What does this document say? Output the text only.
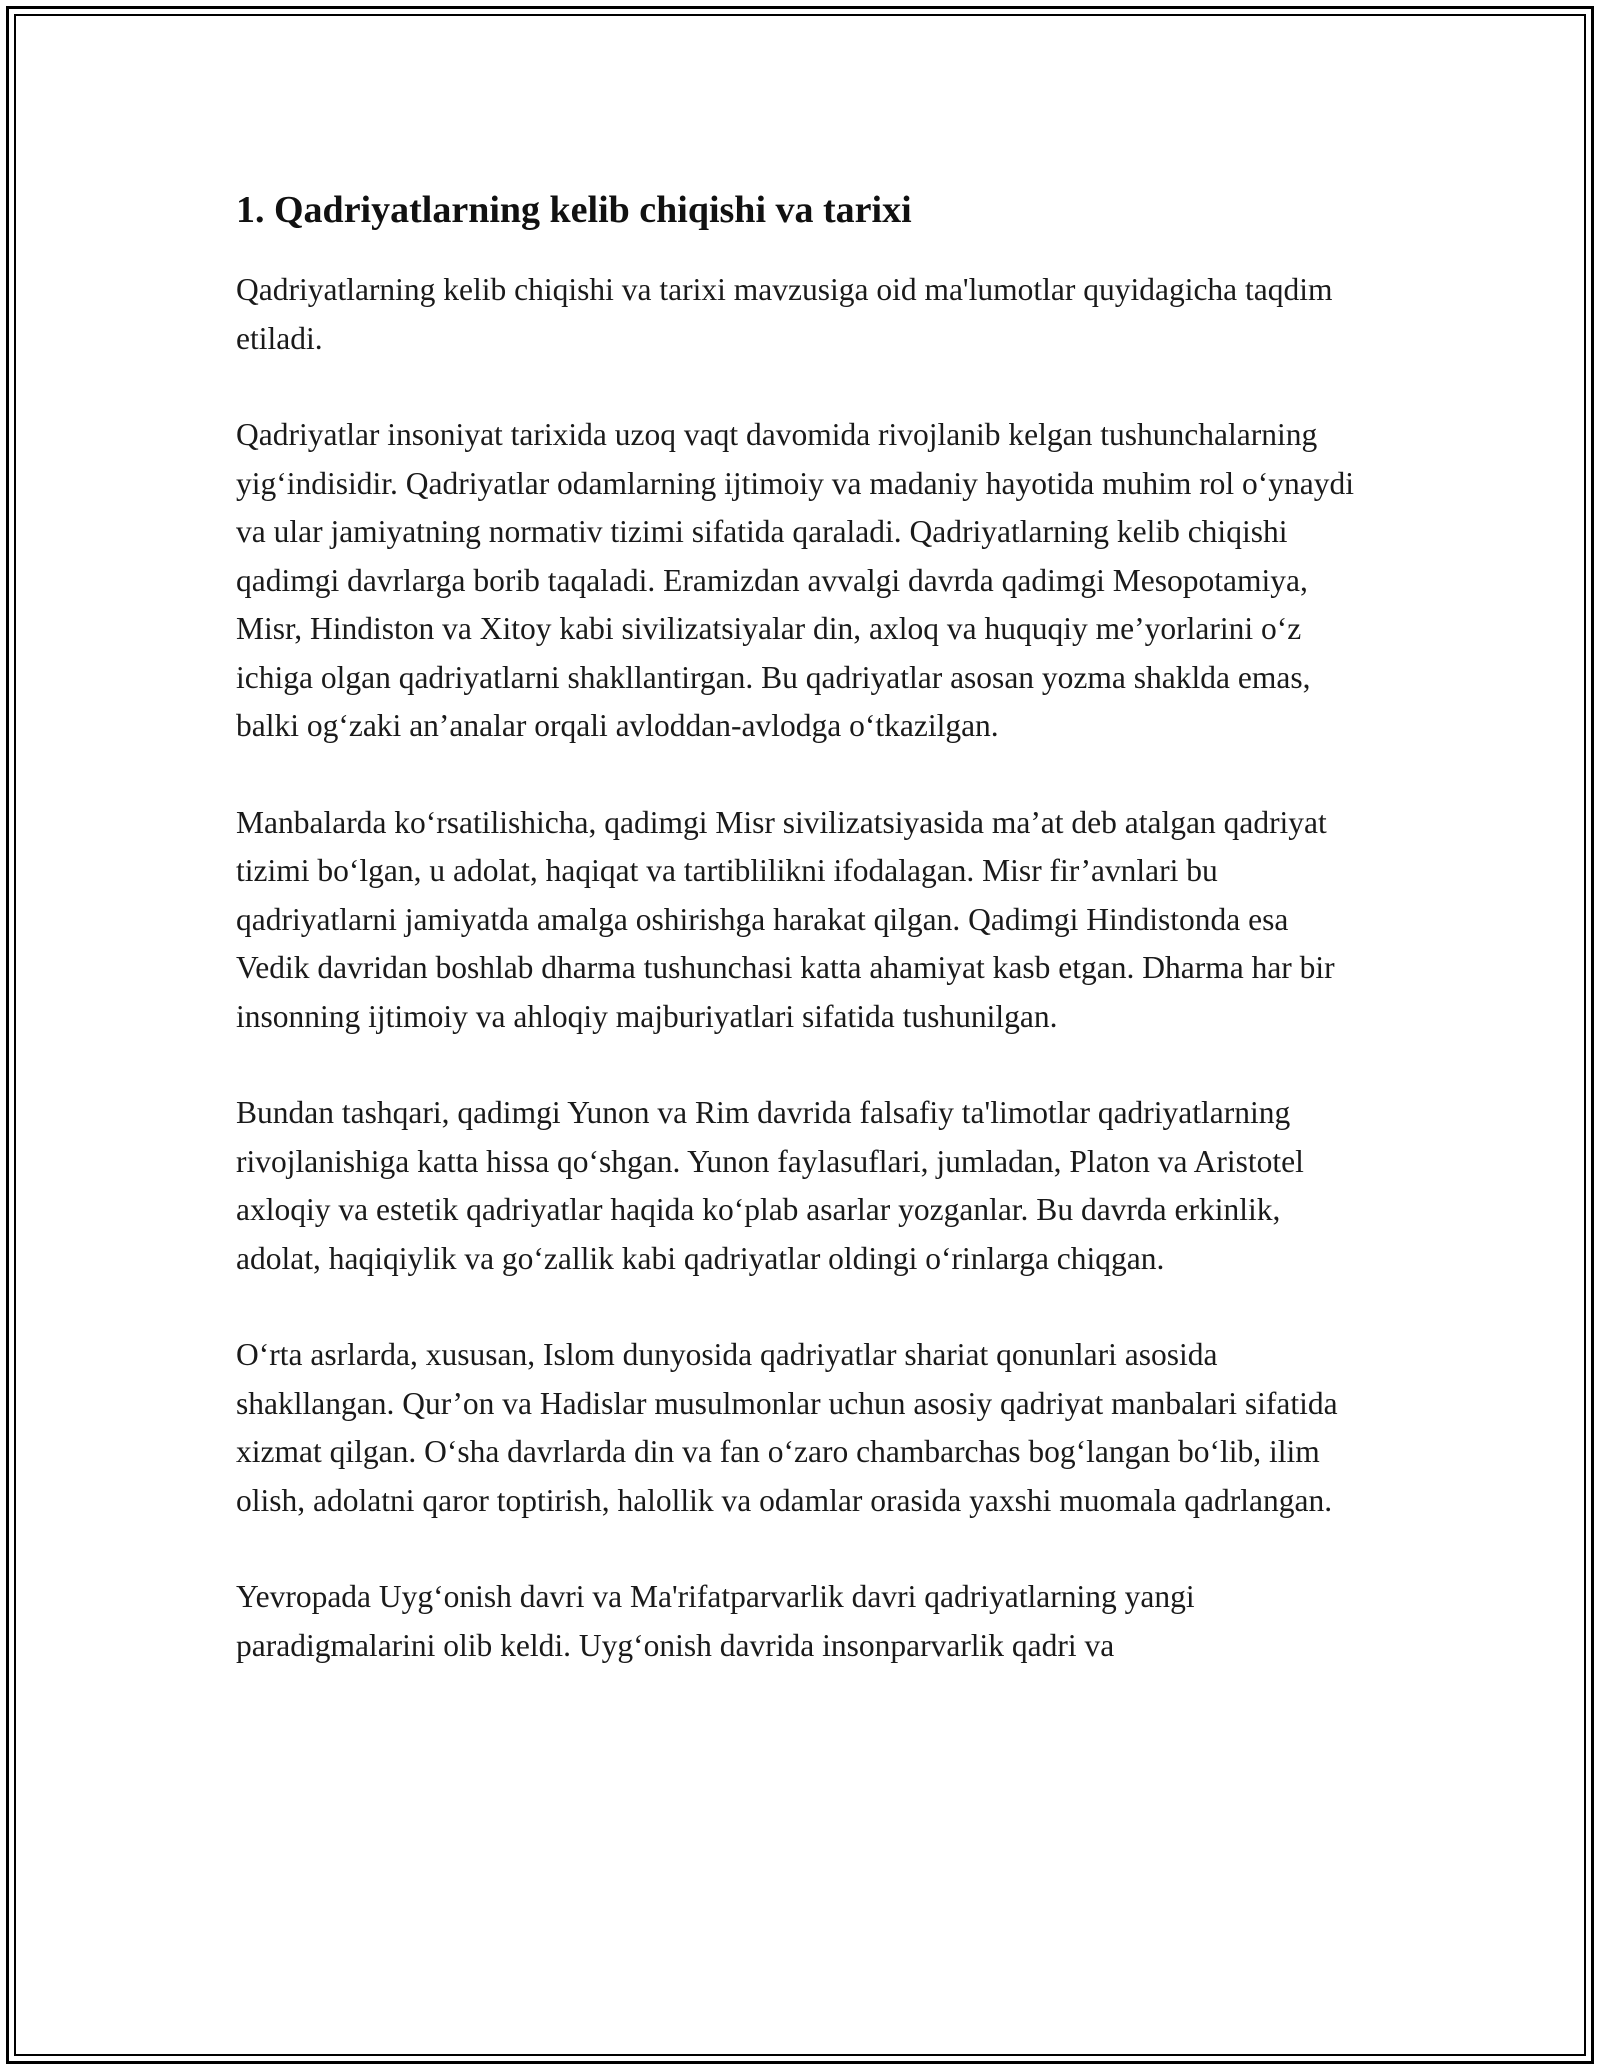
1. Qadriyatlarning kelib chiqishi va tarixi

Qadriyatlarning kelib chiqishi va tarixi mavzusiga oid ma'lumotlar quyidagicha taqdim etiladi.

Qadriyatlar insoniyat tarixida uzoq vaqt davomida rivojlanib kelgan tushunchalarning yig‘indisidir. Qadriyatlar odamlarning ijtimoiy va madaniy hayotida muhim rol o‘ynaydi va ular jamiyatning normativ tizimi sifatida qaraladi. Qadriyatlarning kelib chiqishi qadimgi davrlarga borib taqaladi. Eramizdan avvalgi davrda qadimgi Mesopotamiya, Misr, Hindiston va Xitoy kabi sivilizatsiyalar din, axloq va huquqiy me’yorlarini o‘z ichiga olgan qadriyatlarni shakllantirgan. Bu qadriyatlar asosan yozma shaklda emas, balki og‘zaki an’analar orqali avloddan-avlodga o‘tkazilgan.

Manbalarda ko‘rsatilishicha, qadimgi Misr sivilizatsiyasida ma’at deb atalgan qadriyat tizimi bo‘lgan, u adolat, haqiqat va tartiblilikni ifodalagan. Misr fir’avnlari bu qadriyatlarni jamiyatda amalga oshirishga harakat qilgan. Qadimgi Hindistonda esa Vedik davridan boshlab dharma tushunchasi katta ahamiyat kasb etgan. Dharma har bir insonning ijtimoiy va ahloqiy majburiyatlari sifatida tushunilgan.

Bundan tashqari, qadimgi Yunon va Rim davrida falsafiy ta'limotlar qadriyatlarning rivojlanishiga katta hissa qo‘shgan. Yunon faylasuflari, jumladan, Platon va Aristotel axloqiy va estetik qadriyatlar haqida ko‘plab asarlar yozganlar. Bu davrda erkinlik, adolat, haqiqiylik va go‘zallik kabi qadriyatlar oldingi o‘rinlarga chiqgan.

O‘rta asrlarda, xususan, Islom dunyosida qadriyatlar shariat qonunlari asosida shakllangan. Qur’on va Hadislar musulmonlar uchun asosiy qadriyat manbalari sifatida xizmat qilgan. O‘sha davrlarda din va fan o‘zaro chambarchas bog‘langan bo‘lib, ilim olish, adolatni qaror toptirish, halollik va odamlar orasida yaxshi muomala qadrlangan.

Yevropada Uyg‘onish davri va Ma'rifatparvarlik davri qadriyatlarning yangi paradigmalarini olib keldi. Uyg‘onish davrida insonparvarlik qadri va
